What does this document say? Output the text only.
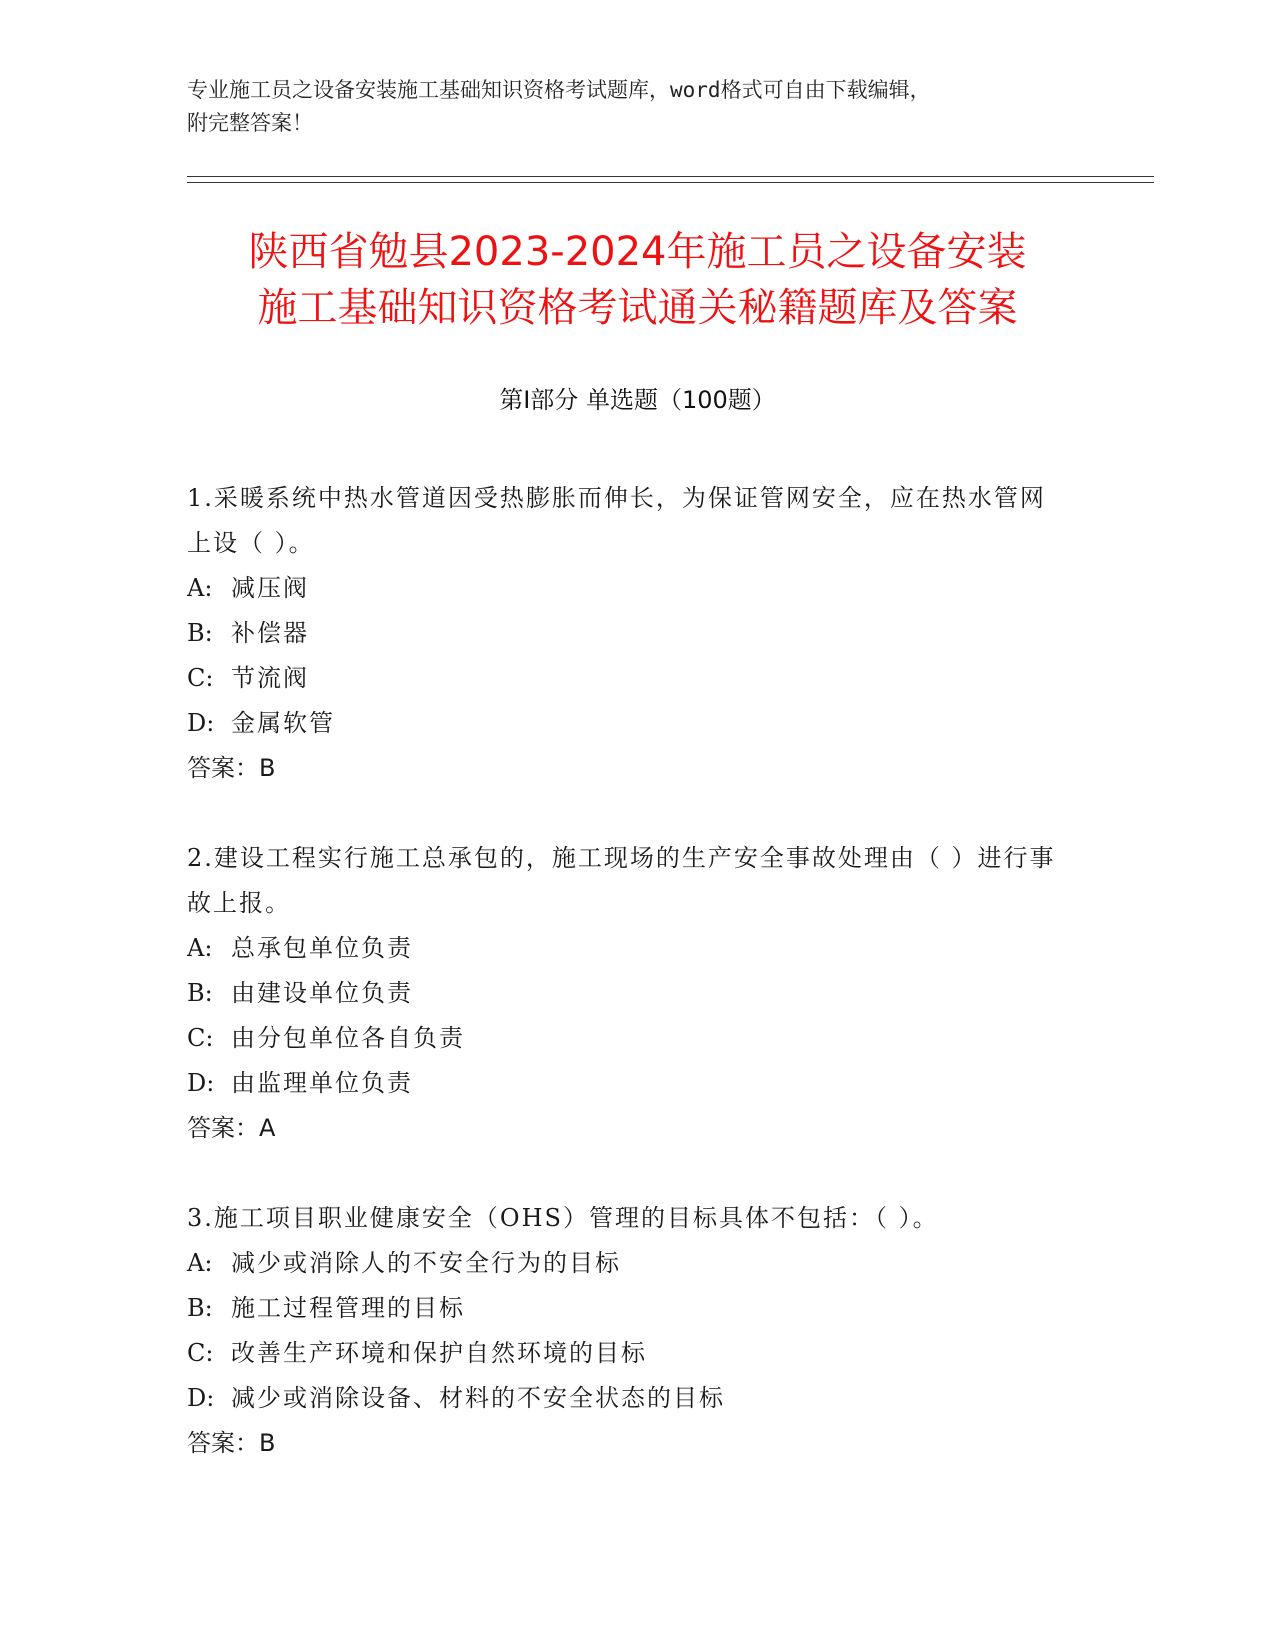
专业施工员之设备安装施工基础知识资格考试题库，word格式可自由下载编辑，
附完整答案！
陕西省勉县2023-2024年施工员之设备安装
施工基础知识资格考试通关秘籍题库及答案
第Ⅰ部分 单选题（100题）
1.采暖系统中热水管道因受热膨胀而伸长，为保证管网安全，应在热水管网上设（ ）。
A: 减压阀
B: 补偿器
C: 节流阀
D: 金属软管
答案：B
2.建设工程实行施工总承包的，施工现场的生产安全事故处理由（ ）进行事故上报。
A: 总承包单位负责
B: 由建设单位负责
C: 由分包单位各自负责
D: 由监理单位负责
答案：A
3.施工项目职业健康安全（OHS）管理的目标具体不包括：（ ）。
A: 减少或消除人的不安全行为的目标
B: 施工过程管理的目标
C: 改善生产环境和保护自然环境的目标
D: 减少或消除设备、材料的不安全状态的目标
答案：B
